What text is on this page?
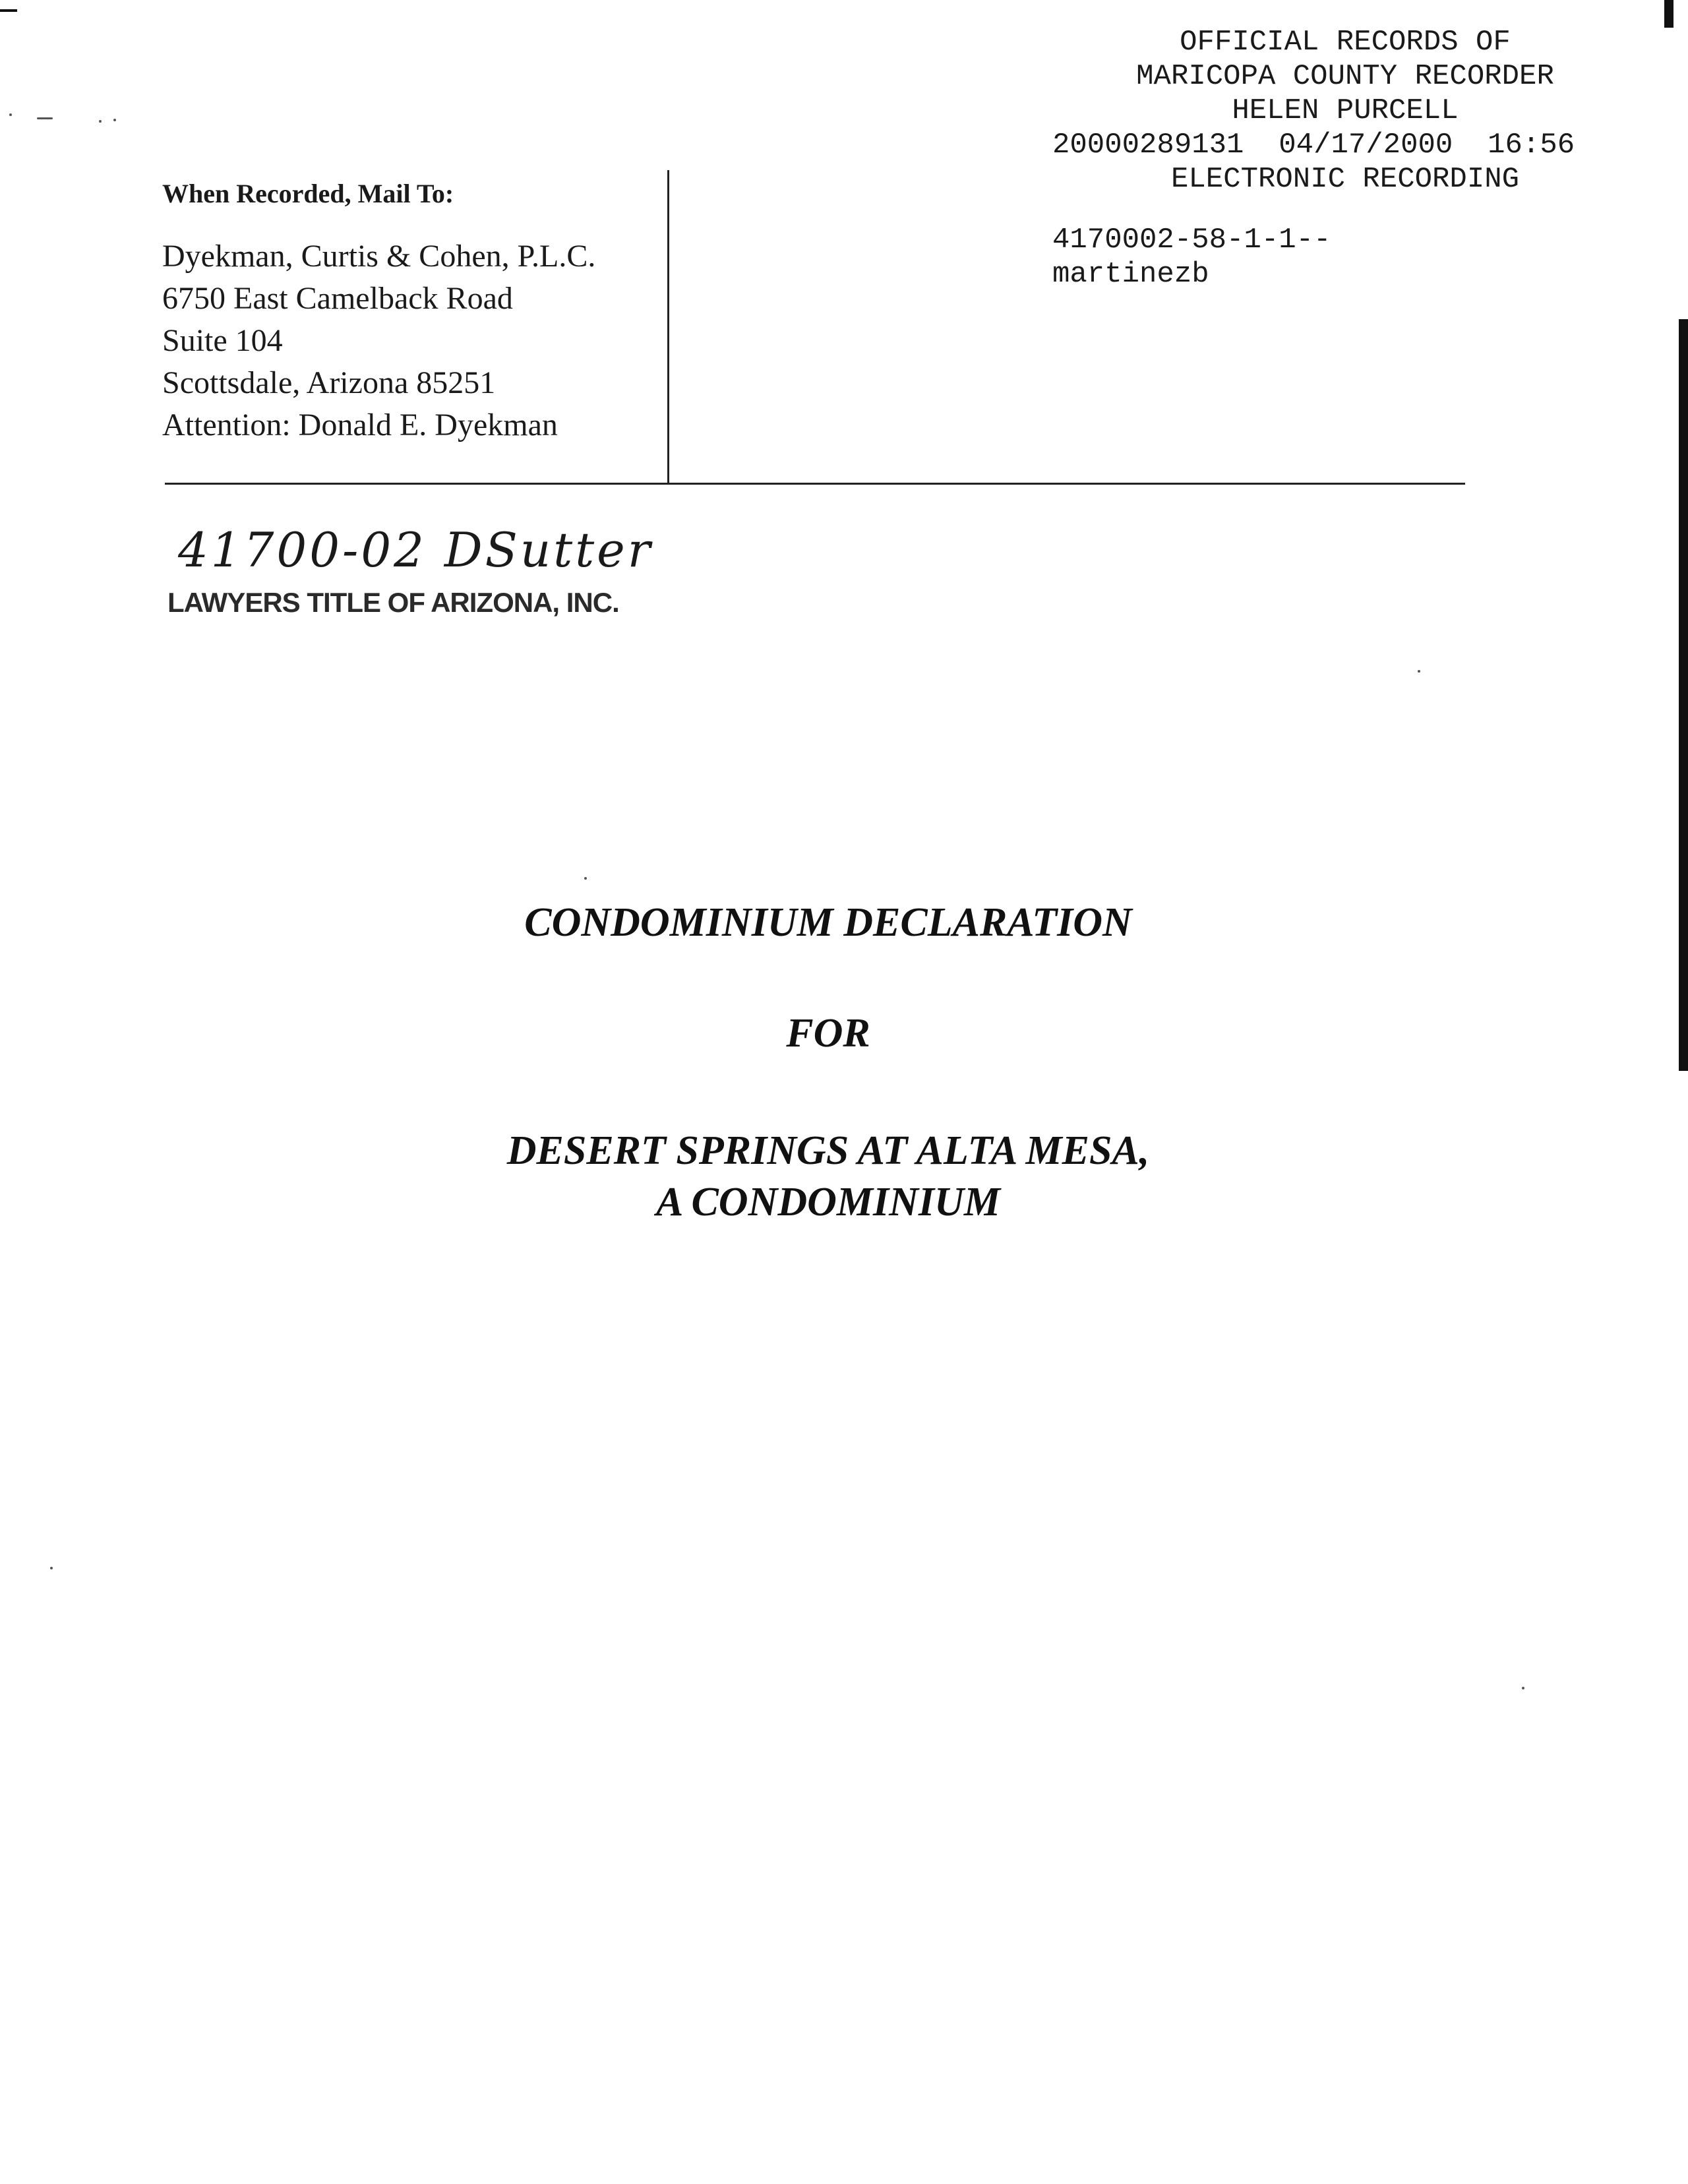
OFFICIAL RECORDS OF
MARICOPA COUNTY RECORDER
HELEN PURCELL
20000289131  04/17/2000  16:56
ELECTRONIC RECORDING
4170002-58-1-1--
martinezb
When Recorded, Mail To:
Dyekman, Curtis & Cohen, P.L.C.
6750 East Camelback Road
Suite 104
Scottsdale, Arizona 85251
Attention: Donald E. Dyekman
41700-02 DSutter
LAWYERS TITLE OF ARIZONA, INC.
CONDOMINIUM DECLARATION
FOR
DESERT SPRINGS AT ALTA MESA,
A CONDOMINIUM
